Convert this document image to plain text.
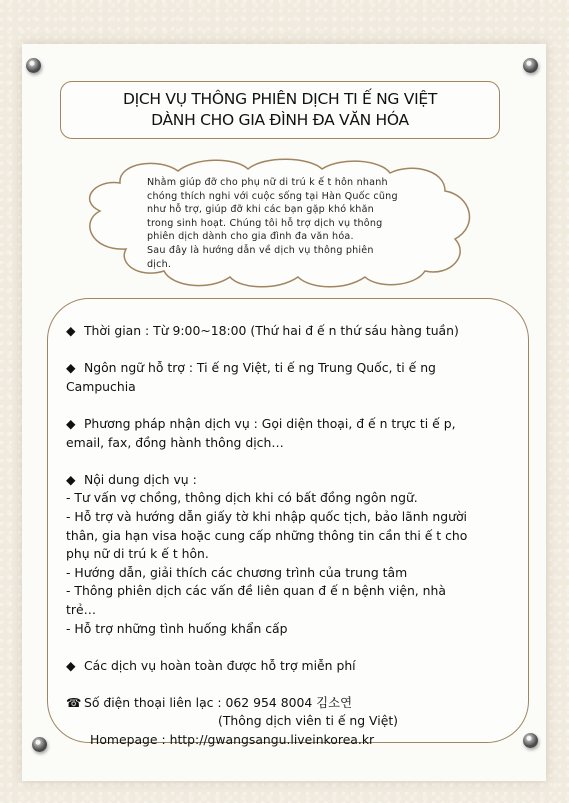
DỊCH VỤ THÔNG PHIÊN DỊCH TI Ế NG VIỆT
DÀNH CHO GIA ĐÌNH ĐA VĂN HÓA
Nhằm giúp đỡ cho phụ nữ di trú k ế t hôn nhanh
chóng thích nghi với cuộc sống tại Hàn Quốc cũng
như hỗ trợ, giúp đỡ khi các bạn gặp khó khăn
trong sinh hoạt. Chúng tôi hỗ trợ dịch vụ thông
phiên dịch dành cho gia đình đa văn hóa.
Sau đây là hướng dẫn về dịch vụ thông phiên
dịch.
◆ Thời gian : Từ 9:00~18:00 (Thứ hai đ ế n thứ sáu hàng tuần)
◆ Ngôn ngữ hỗ trợ : Ti ế ng Việt, ti ế ng Trung Quốc, ti ế ng
Campuchia
◆ Phương pháp nhận dịch vụ : Gọi diện thoại, đ ế n trực ti ế p,
email, fax, đồng hành thông dịch…
◆ Nội dung dịch vụ :
- Tư vấn vợ chồng, thông dịch khi có bất đồng ngôn ngữ.
- Hỗ trợ và hướng dẫn giấy tờ khi nhập quốc tịch, bảo lãnh người
thân, gia hạn visa hoặc cung cấp những thông tin cần thi ế t cho
phụ nữ di trú k ế t hôn.
- Hướng dẫn, giải thích các chương trình của trung tâm
- Thông phiên dịch các vấn đề liên quan đ ế n bệnh viện, nhà
trẻ…
- Hỗ trợ những tình huống khẩn cấp
◆ Các dịch vụ hoàn toàn được hỗ trợ miễn phí
☎ Số điện thoại liên lạc : 062 954 8004 김소연
(Thông dịch viên ti ế ng Việt)
Homepage : http://gwangsangu.liveinkorea.kr
